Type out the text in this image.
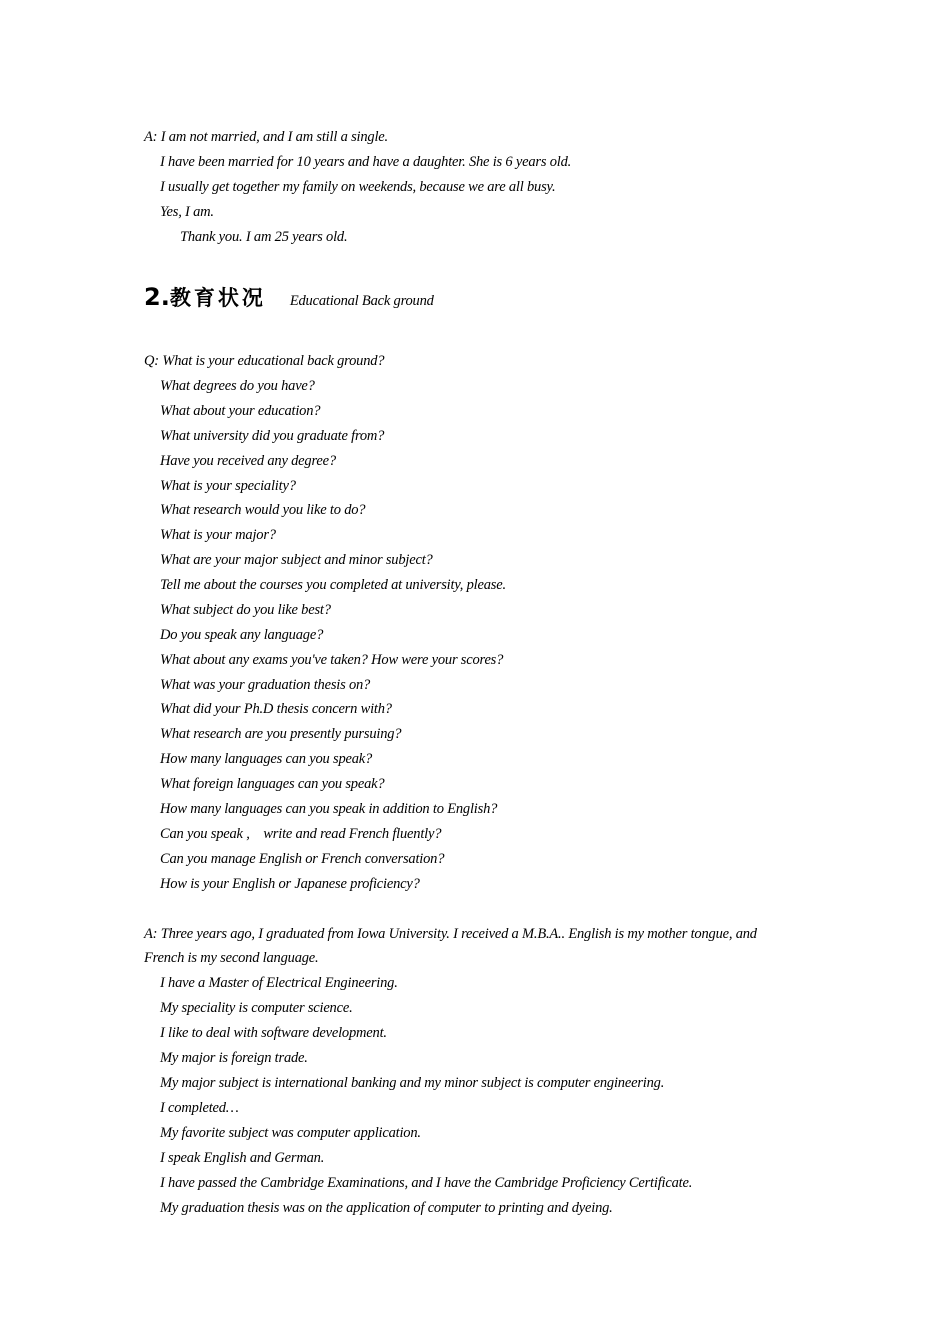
A: I am not married, and I am still a single.
I have been married for 10 years and have a daughter. She is 6 years old.
I usually get together my family on weekends, because we are all busy.
Yes, I am.
Thank you. I am 25 years old.
2.教育状况 Educational Back ground
Q: What is your educational back ground?
What degrees do you have?
What about your education?
What university did you graduate from?
Have you received any degree?
What is your speciality?
What research would you like to do?
What is your major?
What are your major subject and minor subject?
Tell me about the courses you completed at university, please.
What subject do you like best?
Do you speak any language?
What about any exams you've taken? How were your scores?
What was your graduation thesis on?
What did your Ph.D thesis concern with?
What research are you presently pursuing?
How many languages can you speak?
What foreign languages can you speak?
How many languages can you speak in addition to English?
Can you speak ,    write and read French fluently?
Can you manage English or French conversation?
How is your English or Japanese proficiency?
A: Three years ago, I graduated from Iowa University. I received a M.B.A.. English is my mother tongue, and
French is my second language.
I have a Master of Electrical Engineering.
My speciality is computer science.
I like to deal with software development.
My major is foreign trade.
My major subject is international banking and my minor subject is computer engineering.
I completed…
My favorite subject was computer application.
I speak English and German.
I have passed the Cambridge Examinations, and I have the Cambridge Proficiency Certificate.
My graduation thesis was on the application of computer to printing and dyeing.
